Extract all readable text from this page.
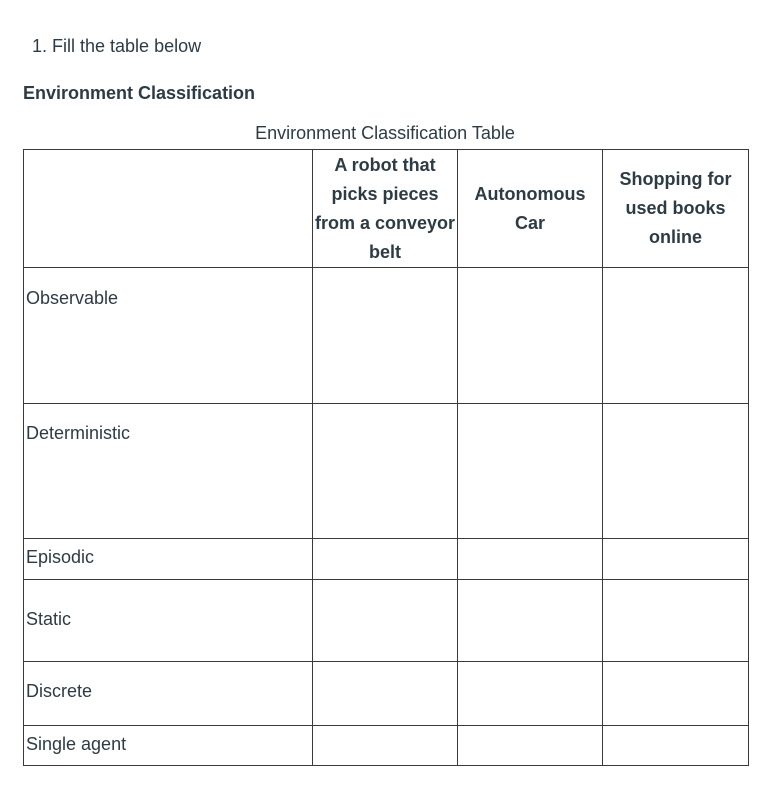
1. Fill the table below
Environment Classification
Environment Classification Table
	A robot that picks pieces from a conveyor belt	Autonomous Car	Shopping for used books online
Observable			
Deterministic			
Episodic			
Static			
Discrete			
Single agent			
